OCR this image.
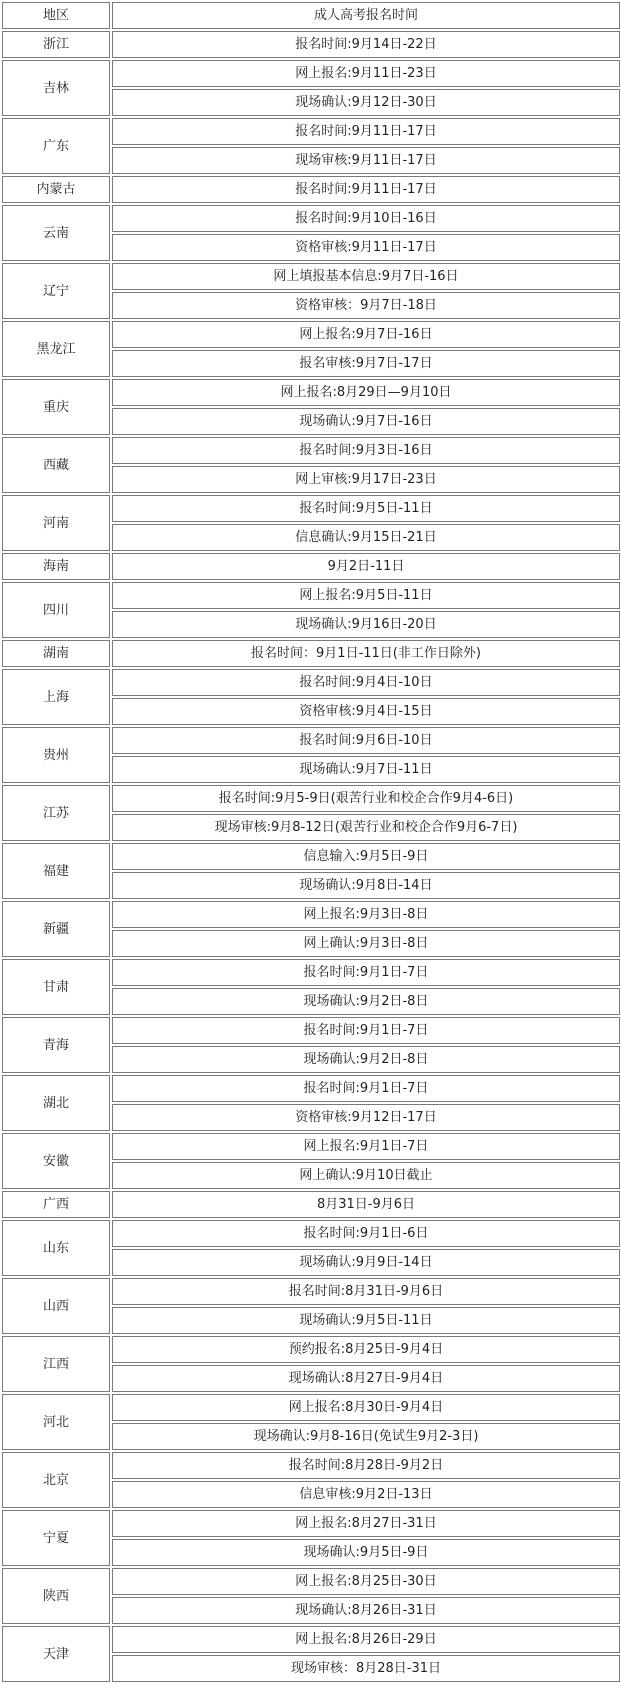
地区	成人高考报名时间
浙江	报名时间:9月14日-22日
吉林	网上报名:9月11日-23日
	现场确认:9月12日-30日
广东	报名时间:9月11日-17日
	现场审核:9月11日-17日
内蒙古	报名时间:9月11日-17日
云南	报名时间:9月10日-16日
	资格审核:9月11日-17日
辽宁	网上填报基本信息:9月7日-16日
	资格审核：9月7日-18日
黑龙江	网上报名:9月7日-16日
	报名审核:9月7日-17日
重庆	网上报名:8月29日—9月10日
	现场确认:9月7日-16日
西藏	报名时间:9月3日-16日
	网上审核:9月17日-23日
河南	报名时间:9月5日-11日
	信息确认:9月15日-21日
海南	9月2日-11日
四川	网上报名:9月5日-11日
	现场确认:9月16日-20日
湖南	报名时间：9月1日-11日(非工作日除外)
上海	报名时间:9月4日-10日
	资格审核:9月4日-15日
贵州	报名时间:9月6日-10日
	现场确认:9月7日-11日
江苏	报名时间:9月5-9日(艰苦行业和校企合作9月4-6日)
	现场审核:9月8-12日(艰苦行业和校企合作9月6-7日)
福建	信息输入:9月5日-9日
	现场确认:9月8日-14日
新疆	网上报名:9月3日-8日
	网上确认:9月3日-8日
甘肃	报名时间:9月1日-7日
	现场确认:9月2日-8日
青海	报名时间:9月1日-7日
	现场确认:9月2日-8日
湖北	报名时间:9月1日-7日
	资格审核:9月12日-17日
安徽	网上报名:9月1日-7日
	网上确认:9月10日截止
广西	8月31日-9月6日
山东	报名时间:9月1日-6日
	现场确认:9月9日-14日
山西	报名时间:8月31日-9月6日
	现场确认:9月5日-11日
江西	预约报名:8月25日-9月4日
	现场确认:8月27日-9月4日
河北	网上报名:8月30日-9月4日
	现场确认:9月8-16日(免试生9月2-3日)
北京	报名时间:8月28日-9月2日
	信息审核:9月2日-13日
宁夏	网上报名:8月27日-31日
	现场确认:9月5日-9日
陕西	网上报名:8月25日-30日
	现场确认:8月26日-31日
天津	网上报名:8月26日-29日
	现场审核：8月28日-31日
